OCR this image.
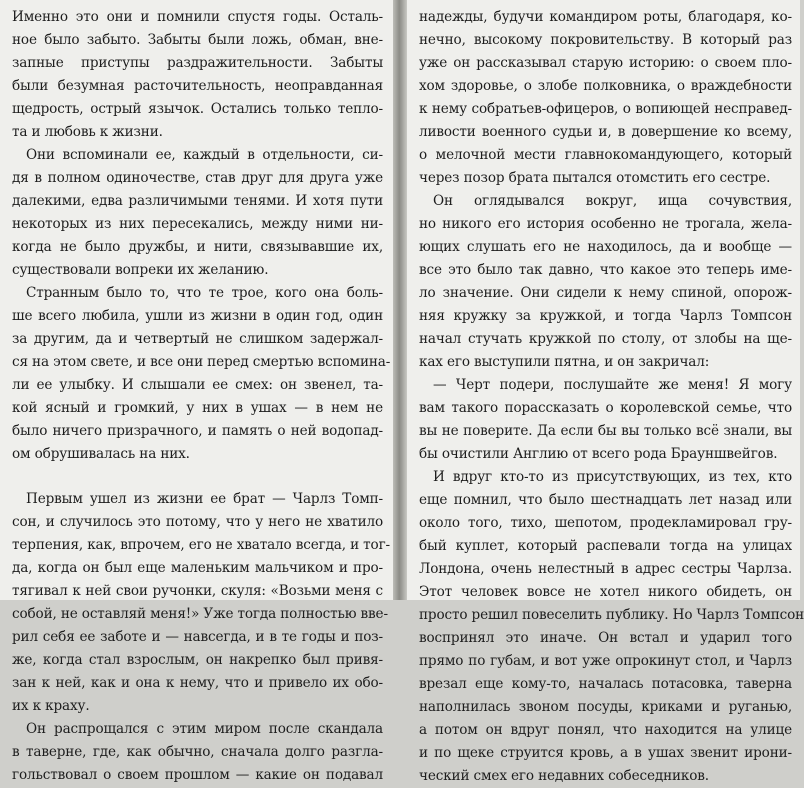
Именно это они и помнили спустя годы. Осталь-
ное было забыто. Забыты были ложь, обман, вне-
запные приступы раздражительности. Забыты
были безумная расточительность, неоправданная
щедрость, острый язычок. Остались только тепло-
та и любовь к жизни.
Они вспоминали ее, каждый в отдельности, си-
дя в полном одиночестве, став друг для друга уже
далекими, едва различимыми тенями. И хотя пути
некоторых из них пересекались, между ними ни-
когда не было дружбы, и нити, связывавшие их,
существовали вопреки их желанию.
Странным было то, что те трое, кого она боль-
ше всего любила, ушли из жизни в один год, один
за другим, да и четвертый не слишком задержал-
ся на этом свете, и все они перед смертью вспомина-
ли ее улыбку. И слышали ее смех: он звенел, та-
кой ясный и громкий, у них в ушах — в нем не
было ничего призрачного, и память о ней водопад-
ом обрушивалась на них.
Первым ушел из жизни ее брат — Чарлз Томп-
сон, и случилось это потому, что у него не хватило
терпения, как, впрочем, его не хватало всегда, и тог-
да, когда он был еще маленьким мальчиком и про-
тягивал к ней свои ручонки, скуля: «Возьми меня с
собой, не оставляй меня!» Уже тогда полностью вве-
рил себя ее заботе и — навсегда, и в те годы и поз-
же, когда стал взрослым, он накрепко был привя-
зан к ней, как и она к нему, что и привело их обо-
их к краху.
Он распрощался с этим миром после скандала
в таверне, где, как обычно, сначала долго разгла-
гольствовал о своем прошлом — какие он подавал
надежды, будучи командиром роты, благодаря, ко-
нечно, высокому покровительству. В который раз
уже он рассказывал старую историю: о своем пло-
хом здоровье, о злобе полковника, о враждебности
к нему собратьев-офицеров, о вопиющей несправед-
ливости военного судьи и, в довершение ко всему,
о мелочной мести главнокомандующего, который
через позор брата пытался отомстить его сестре.
Он оглядывался вокруг, ища сочувствия,
но никого его история особенно не трогала, жела-
ющих слушать его не находилось, да и вообще —
все это было так давно, что какое это теперь име-
ло значение. Они сидели к нему спиной, опорож-
няя кружку за кружкой, и тогда Чарлз Томпсон
начал стучать кружкой по столу, от злобы на ще-
ках его выступили пятна, и он закричал:
— Черт подери, послушайте же меня! Я могу
вам такого порассказать о королевской семье, что
вы не поверите. Да если бы вы только всё знали, вы
бы очистили Англию от всего рода Брауншвейгов.
И вдруг кто-то из присутствующих, из тех, кто
еще помнил, что было шестнадцать лет назад или
около того, тихо, шепотом, продекламировал гру-
бый куплет, который распевали тогда на улицах
Лондона, очень нелестный в адрес сестры Чарлза.
Этот человек вовсе не хотел никого обидеть, он
просто решил повеселить публику. Но Чарлз Томпсон
воспринял это иначе. Он встал и ударил того
прямо по губам, и вот уже опрокинут стол, и Чарлз
врезал еще кому-то, началась потасовка, таверна
наполнилась звоном посуды, криками и руганью,
а потом он вдруг понял, что находится на улице
и по щеке струится кровь, а в ушах звенит ирони-
ческий смех его недавних собеседников.
